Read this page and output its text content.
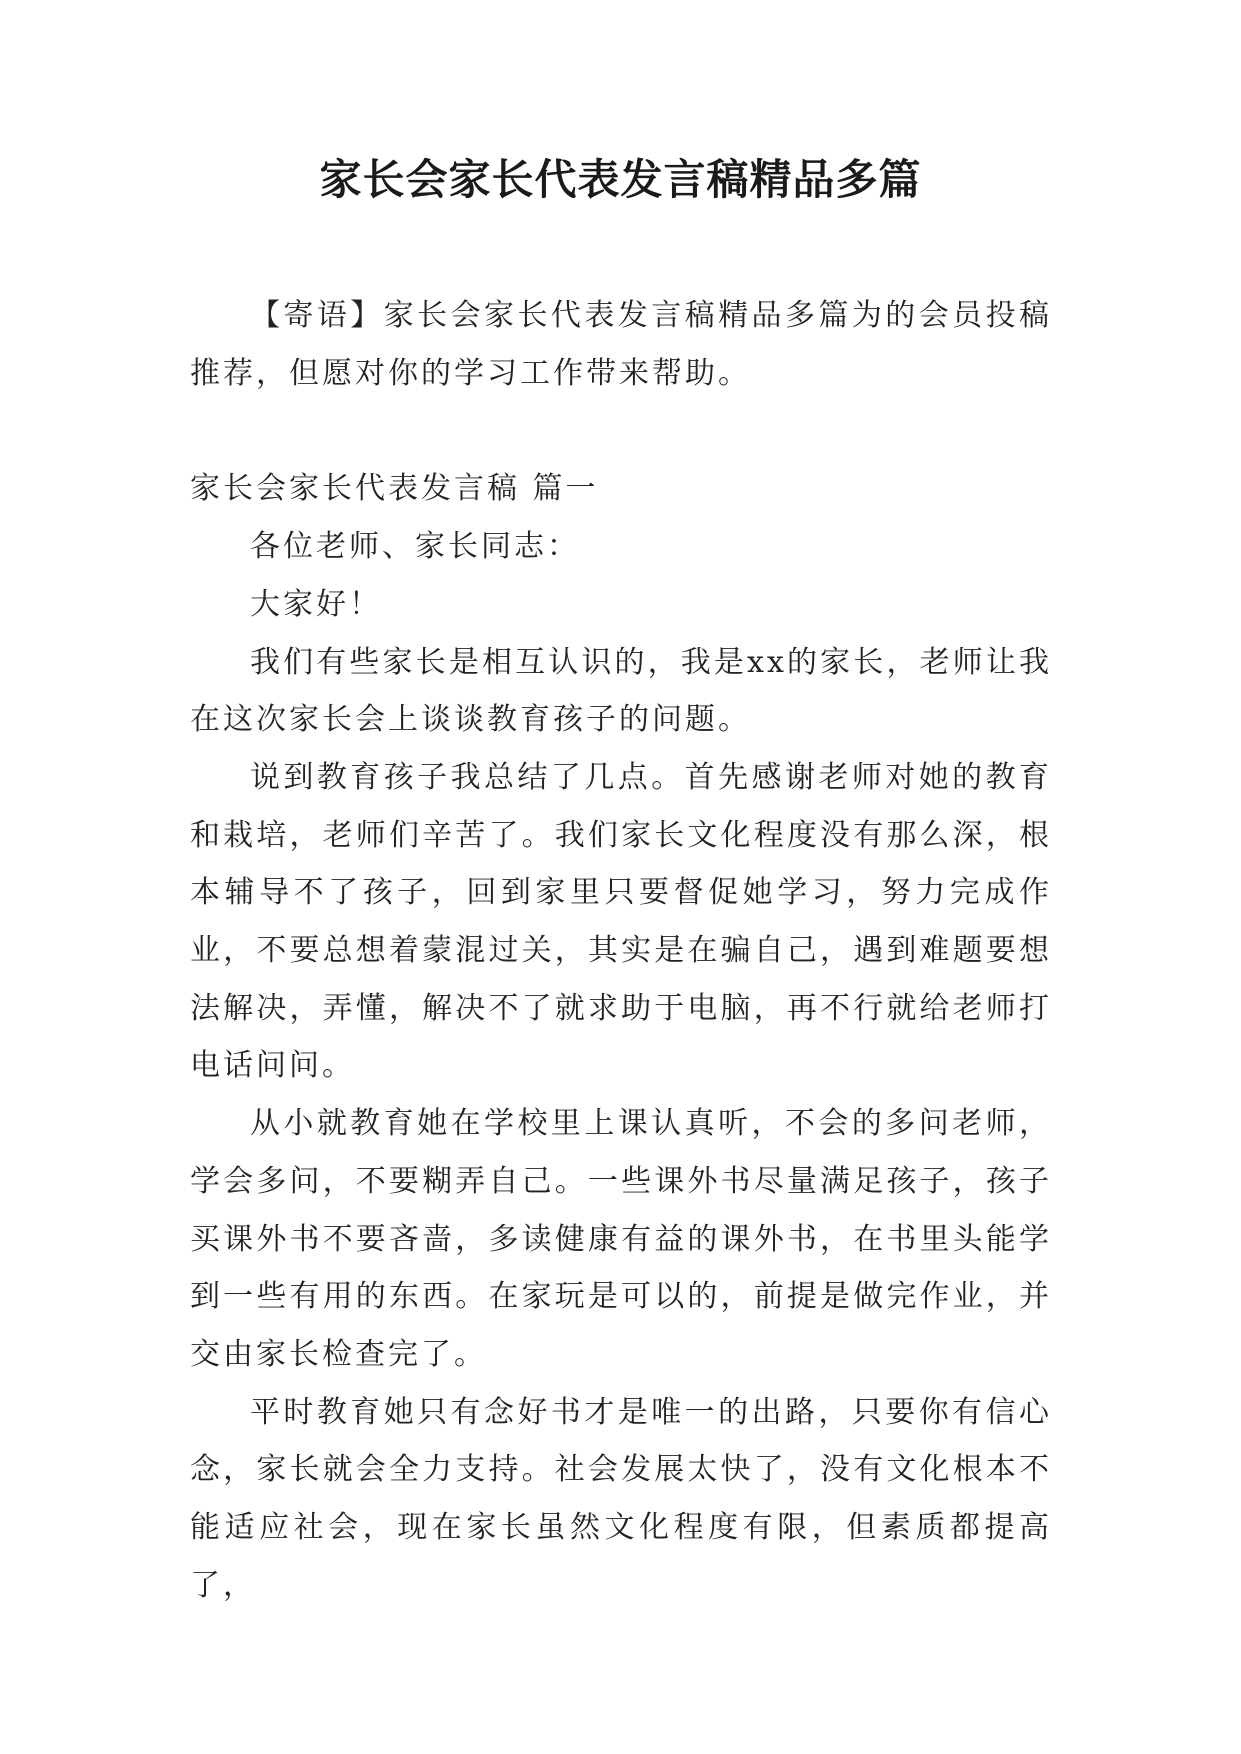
家长会家长代表发言稿精品多篇

【寄语】家长会家长代表发言稿精品多篇为的会员投稿推荐，但愿对你的学习工作带来帮助。

家长会家长代表发言稿 篇一

各位老师、家长同志：

大家好！

我们有些家长是相互认识的，我是xx的家长，老师让我在这次家长会上谈谈教育孩子的问题。

说到教育孩子我总结了几点。首先感谢老师对她的教育和栽培，老师们辛苦了。我们家长文化程度没有那么深，根本辅导不了孩子，回到家里只要督促她学习，努力完成作业，不要总想着蒙混过关，其实是在骗自己，遇到难题要想法解决，弄懂，解决不了就求助于电脑，再不行就给老师打电话问问。

从小就教育她在学校里上课认真听，不会的多问老师，学会多问，不要糊弄自己。一些课外书尽量满足孩子，孩子买课外书不要吝啬，多读健康有益的课外书，在书里头能学到一些有用的东西。在家玩是可以的，前提是做完作业，并交由家长检查完了。

平时教育她只有念好书才是唯一的出路，只要你有信心念，家长就会全力支持。社会发展太快了，没有文化根本不能适应社会，现在家长虽然文化程度有限，但素质都提高了，
